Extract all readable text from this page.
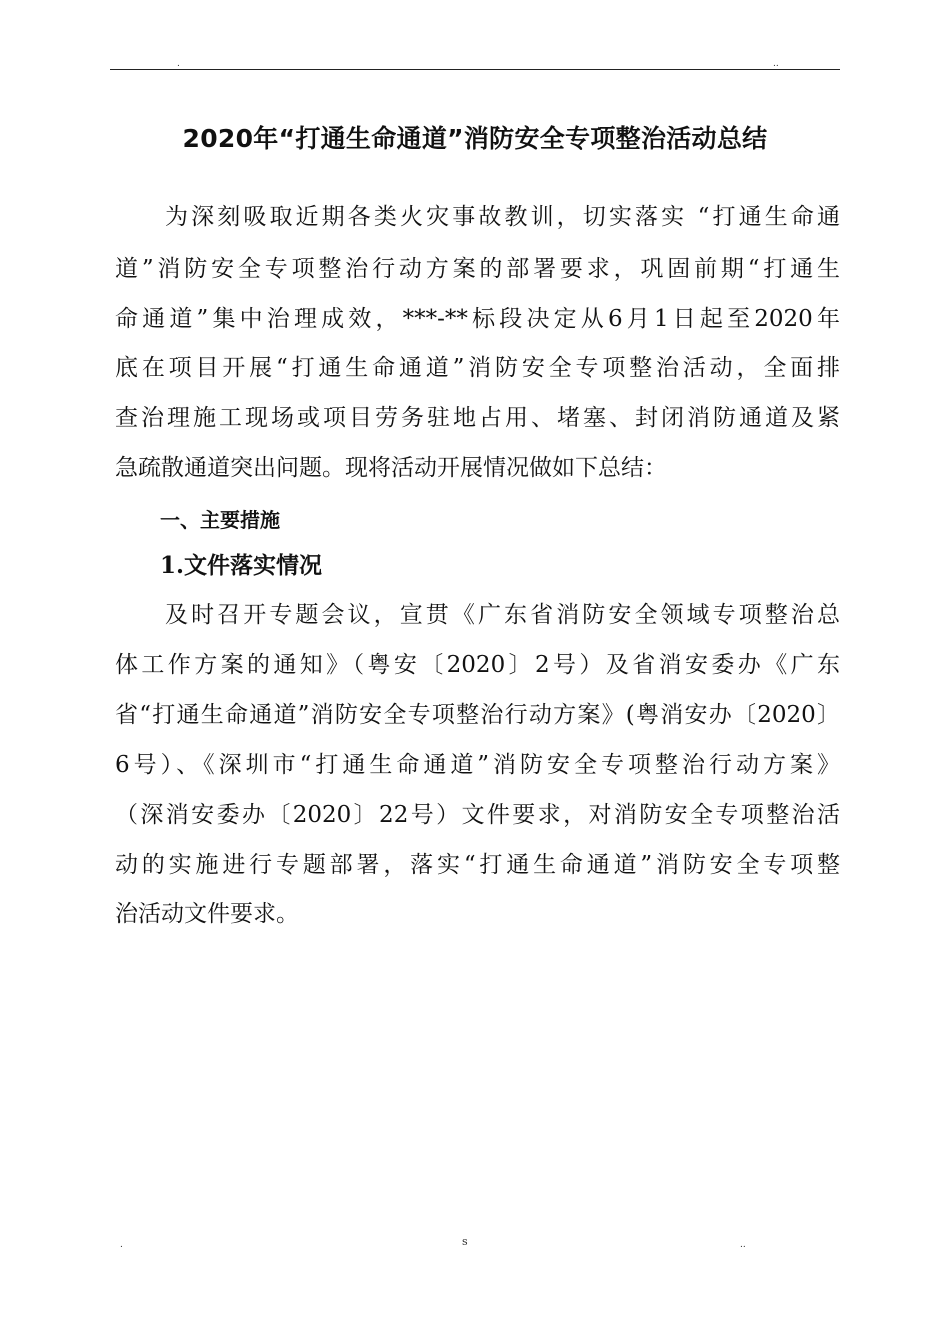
.	..
2020年“打通生命通道”消防安全专项整治活动总结
为深刻吸取近期各类火灾事故教训，切实落实 “打通生命通
道”消防安全专项整治行动方案的部署要求，巩固前期“打通生
命通道”集中治理成效，***-**标段决定从6月1日起至2020年
底在项目开展“打通生命通道”消防安全专项整治活动，全面排
查治理施工现场或项目劳务驻地占用、堵塞、封闭消防通道及紧
急疏散通道突出问题。现将活动开展情况做如下总结：
一、主要措施
1.文件落实情况
及时召开专题会议，宣贯《广东省消防安全领域专项整治总
体工作方案的通知》（粤安〔2020〕2号）及省消安委办《广东
省“打通生命通道”消防安全专项整治行动方案》(粤消安办〔2020〕
6号）、《深圳市“打通生命通道”消防安全专项整治行动方案》
（深消安委办〔2020〕22号）文件要求，对消防安全专项整治活
动的实施进行专题部署，落实“打通生命通道”消防安全专项整
治活动文件要求。
.	s	..
